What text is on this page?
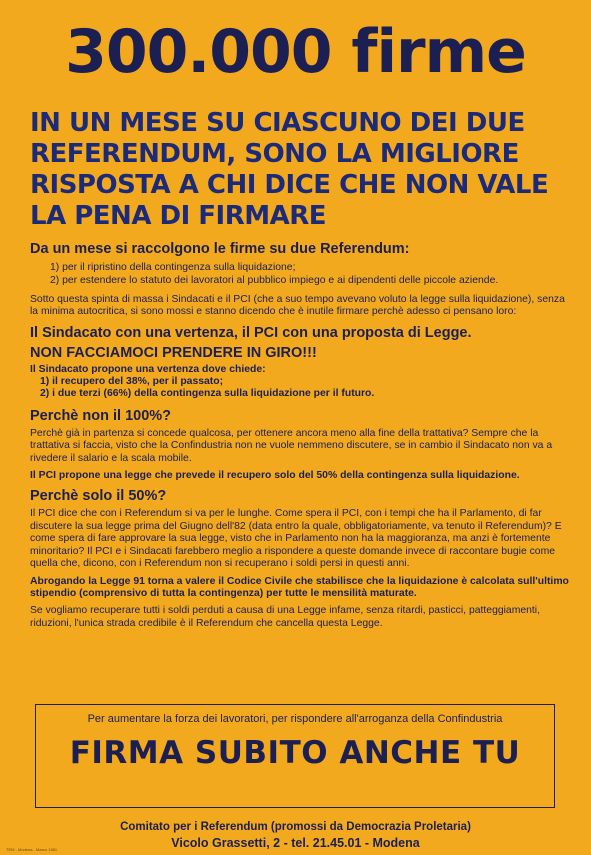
300.000 firme
IN UN MESE SU CIASCUNO DEI DUE REFERENDUM, SONO LA MIGLIORE RISPOSTA A CHI DICE CHE NON VALE LA PENA DI FIRMARE
Da un mese si raccolgono le firme su due Referendum:
1) per il ripristino della contingenza sulla liquidazione;
2) per estendere lo statuto dei lavoratori al pubblico impiego e ai dipendenti delle piccole aziende.
Sotto questa spinta di massa i Sindacati e il PCI (che a suo tempo avevano voluto la legge sulla liquidazione), senza la minima autocritica, si sono mossi e stanno dicendo che è inutile firmare perchè adesso ci pensano loro:
Il Sindacato con una vertenza, il PCI con una proposta di Legge.
NON FACCIAMOCI PRENDERE IN GIRO!!!
Il Sindacato propone una vertenza dove chiede:
1) il recupero del 38%, per il passato;
2) i due terzi (66%) della contingenza sulla liquidazione per il futuro.
Perchè non il 100%?
Perchè già in partenza si concede qualcosa, per ottenere ancora meno alla fine della trattativa? Sempre che la trattativa si faccia, visto che la Confindustria non ne vuole nemmeno discutere, se in cambio il Sindacato non va a rivedere il salario e la scala mobile.
Il PCI propone una legge che prevede il recupero solo del 50% della contingenza sulla liquidazione.
Perchè solo il 50%?
Il PCI dice che con i Referendum si va per le lunghe. Come spera il PCI, con i tempi che ha il Parlamento, di far discutere la sua legge prima del Giugno dell'82 (data entro la quale, obbligatoriamente, va tenuto il Referendum)? E come spera di fare approvare la sua legge, visto che in Parlamento non ha la maggioranza, ma anzi è fortemente minoritario? Il PCI e i Sindacati farebbero meglio a rispondere a queste domande invece di raccontare bugie come quella che, dicono, con i Referendum non si recuperano i soldi persi in questi anni.
Abrogando la Legge 91 torna a valere il Codice Civile che stabilisce che la liquidazione è calcolata sull'ultimo stipendio (comprensivo di tutta la contingenza) per tutte le mensilità maturate.
Se vogliamo recuperare tutti i soldi perduti a causa di una Legge infame, senza ritardi, pasticci, patteggiamenti, riduzioni, l'unica strada credibile è il Referendum che cancella questa Legge.
Per aumentare la forza dei lavoratori, per rispondere all'arroganza della Confindustria
FIRMA SUBITO ANCHE TU
Comitato per i Referendum (promossi da Democrazia Proletaria)
Vicolo Grassetti, 2 - tel. 21.45.01 - Modena
TEM - Modena - Marzo 1981
